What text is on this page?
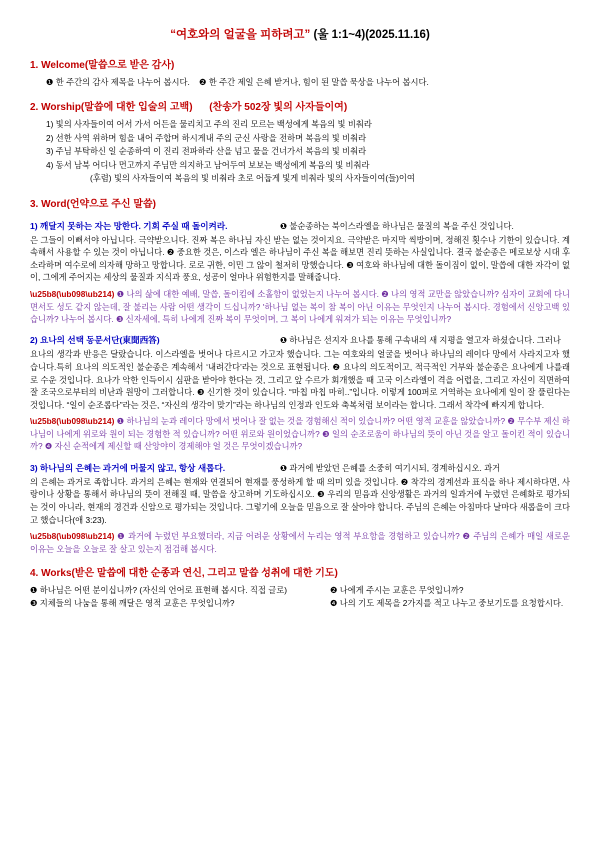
“여호와의 얼굴을 피하려고” (울 1:1~4)(2025.11.16)
1. Welcome(말씁으로 받은 감사)
❶ 한 주간의 감사 제목을 나누어 봅시다. ❷ 한 주간 제일 은혜 받거나, 힘이 된 말씁 묵상을 나누어 봅시다.
2. Worship(말씁에 대한 입술의 고백) (찬송가 502장 빛의 사자들이여)
1) 빛의 사자들이여 어서 가서 어든을 물리치고 주의 진리 모르는 백성에게 복음의 빛 비춰라
2) 선한 사역 위하며 힘을 내어 주합며 하시게내 주의 군신 사랑을 전하며 복음의 빛 비춰라
3) 주님 부탁하신 일 순종하여 이 진리 전파하라 산을 넘고 물을 건너가서 복음의 빛 비춰라
4) 동서 남북 어디나 먼고까지 주님만 의지하고 남어두여 보보는 백성에게 복음의 빛 비춰라
(후렴) 빛의 사자들이여 복음의 빛 비춰라 초로 어둡게 빛게 비춰라 빛의 사자들이여(들)이여
3. Word(언약으로 주신 말씁)
1) 깨달지 못하는 자는 망한다. 기회 주실 때 돌이켜라.	❶ 불순종하는 북이스라엘을 하나님은 물질의 복을 주신 것입니다.
은 그들이 이뻐서야 아닙니다. 극약받으니다. 진짜 복은 하나님 자신 받는 없는 것이지요. 극약받은 마지막 씩방이며, 정해진 횟수나 기한이 있습니다. 계속해서 사용할 수 있는 것이 아닙니다. ❷ 중요한 것은, 이스라 엘은 하나님이 주신 복을 해보면 진리 뜻하는 사실입니다. 결국 불순종은 메로보상 시대 후 소라하며 여수로에 의자해 망하고 망합니다. 로로 귀한, 이민 그 않이 철저히 망했습니다. ❸ 여호와 하나님에 대한 돌이짐이 없이, 말씁에 대한 자각이 없이, 그에게 주어지는 세상의 물질과 지식과 풍요, 성공이 얼마나 위험한지를 말해줍니다.
\u25b8(\ub098\ub214) ❶ 나의 삶에 대한 예배, 말씁, 돌이킴에 소홀함이 없었는지 나누어 봅시다. ❷ 나의 영적 교만을 않았습니까? 심자이 교회에 다니면서도 성도 같지 않는데, 잘 불리는 사람 어떤 생각이 드십니까? '하나님 없는 복이 참 복이 아닌 이유는 무엇인지 나누어 봅시다. 경험에서 신앙고백 있습니까? 나누어 봅시다. ❸ 신자세에, 특히 나에게 진짜 복이 무엇이며, 그 복이 나에게 워져가 되는 이유는 무엇입니까?
2) 요나의 선택 동문서단(東聞西答)	❶ 하나님은 선지자 요나를 통해 구속내의 새 지평을 열고자 하셨습니다. 그러나
요나의 생각과 반응은 달랐습니다. 이스라엘을 벗어나 다르시고 가고자 했습니다. 그는 여호와의 얼굴을 벗어나 하나님의 레이다 망에서 사라지고자 했습니다.특히 요나의 의도적인 불순종은 계속해서 ‘내려간다’라는 것으로 표현됩니다. ❷ 요나의 의도적이고, 적극적인 거부와 불순종은 요나에게 나를래로 수운 것입니다. 요나가 악한 인득이시 심판을 받아야 한다는 것, 그리고 앞 수르가 회개했을 때 고국 이스라엘이 격을 어렵을, 그리고 자신이 직면하여 잘 조국으로부터의 비난과 원망이 그러합니다. ❸ 신기한 것이 있습니다. “마칩 마칩 마히..”입니다. 이렇게 100퍼로 거역하는 요나에게 일이 잘 풀린다는 것입니다. “일이 순조롭다”라는 것은, “자신의 생각이 맞기”라는 하나님의 인정과 인도와 축복처럼 보이라는 합니다. 그래서 착각에 빠지게 합니다.
\u25b8(\ub098\ub214) ❶ 하나님의 눈과 레이다 망에서 벗어나 잘 없는 것을 경험해신 적이 있습니까? 어떤 영적 교훈을 않았습니까? ❷ 무수부 제신 하나님이 나에게 위로와 원이 되는 경험한 적 있습니까? 어떤 위로와 원이었습니까? ❸ 일의 순조로움이 하나님의 뜻이 아닌 것을 알고 돌이킨 적이 있습니까? ❹ 자신 순적에게 제신할 때 산앙야이 경제해야 얼 것은 무엇이겠습니까?
3) 하나님의 은혜는 과거에 머물지 않고, 항상 새롭다.	❶ 과거에 받았던 은혜를 소중히 여기시되, 경계하십시오. 과거
의 은혜는 과거로 족합니다. 과거의 은혜는 현재와 연결되어 현재를 풍성하게 할 때 의미 있을 것입니다. ❷ 착각의 경계선과 표식을 하나 제시하다면, 사랑이나 상황을 통해서 하나님의 뜻이 전해질 때, 말씀을 상고하며 기도하십시오. ❸ 우리의 믿음과 신앙생활은 과거의 일과거에 누렸던 은혜화로 평가되는 것이 아니라, 현재의 경건과 신암으로 평가되는 것입니다. 그렇기에 오늘을 믿음으로 잘 살아야 합니다. 주님의 은혜는 아침마다 날마다 새롭을이 크다고 했습니다(애 3:23).
\u25b8(\ub098\ub214) ❶ 과거에 누렸던 부요했더라, 지금 어려운 상황에서 누리는 영적 부요함을 경험하고 있습니까? ❷ 주님의 은혜가 매일 새로운 이유는 오늘을 오늘로 잘 살고 있는지 점검해 봅시다.
4. Works(받은 말씁에 대한 순종과 연신, 그리고 말씁 성취에 대한 기도)
❶ 하나님은 어떤 분이십니까? (자신의 언어로 표현해 봅시다. 직접 글로)	❷ 나에게 주시는 교훈은 무엇입니까?
❸ 지체들의 나눔을 통해 깨달은 영적 교훈은 무엇입니까?	❹ 나의 기도 제목을 2가지를 적고 나누고 중보기도를 요청합시다.
